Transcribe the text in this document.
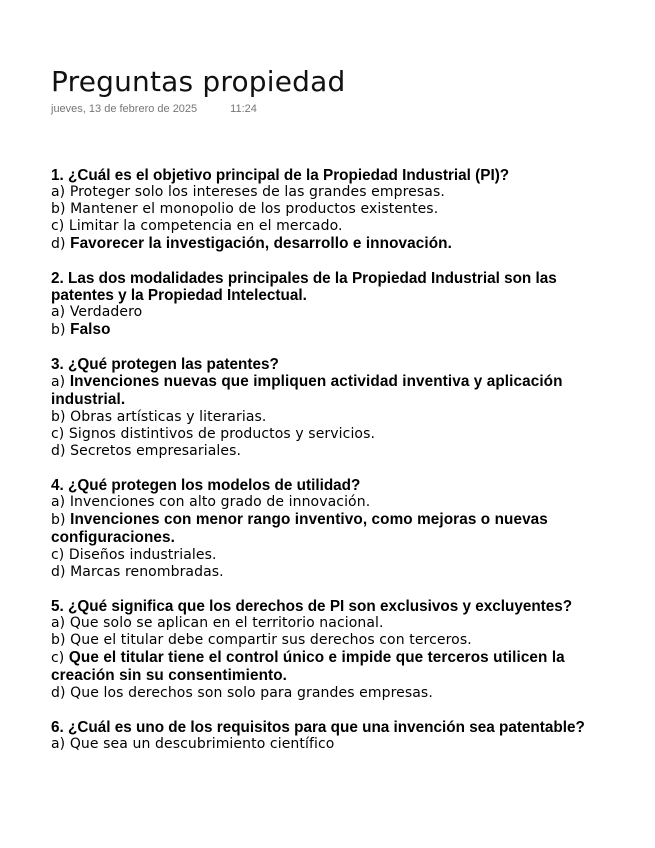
Preguntas propiedad
jueves, 13 de febrero de 2025	11:24
1. ¿Cuál es el objetivo principal de la Propiedad Industrial (PI)?
a) Proteger solo los intereses de las grandes empresas.
b) Mantener el monopolio de los productos existentes.
c) Limitar la competencia en el mercado.
d) Favorecer la investigación, desarrollo e innovación.
2. Las dos modalidades principales de la Propiedad Industrial son las patentes y la Propiedad Intelectual.
a) Verdadero
b) Falso
3. ¿Qué protegen las patentes?
a) Invenciones nuevas que impliquen actividad inventiva y aplicación industrial.
b) Obras artísticas y literarias.
c) Signos distintivos de productos y servicios.
d) Secretos empresariales.
4. ¿Qué protegen los modelos de utilidad?
a) Invenciones con alto grado de innovación.
b) Invenciones con menor rango inventivo, como mejoras o nuevas configuraciones.
c) Diseños industriales.
d) Marcas renombradas.
5. ¿Qué significa que los derechos de PI son exclusivos y excluyentes?
a) Que solo se aplican en el territorio nacional.
b) Que el titular debe compartir sus derechos con terceros.
c) Que el titular tiene el control único e impide que terceros utilicen la creación sin su consentimiento.
d) Que los derechos son solo para grandes empresas.
6. ¿Cuál es uno de los requisitos para que una invención sea patentable?
a) Que sea un descubrimiento científico
